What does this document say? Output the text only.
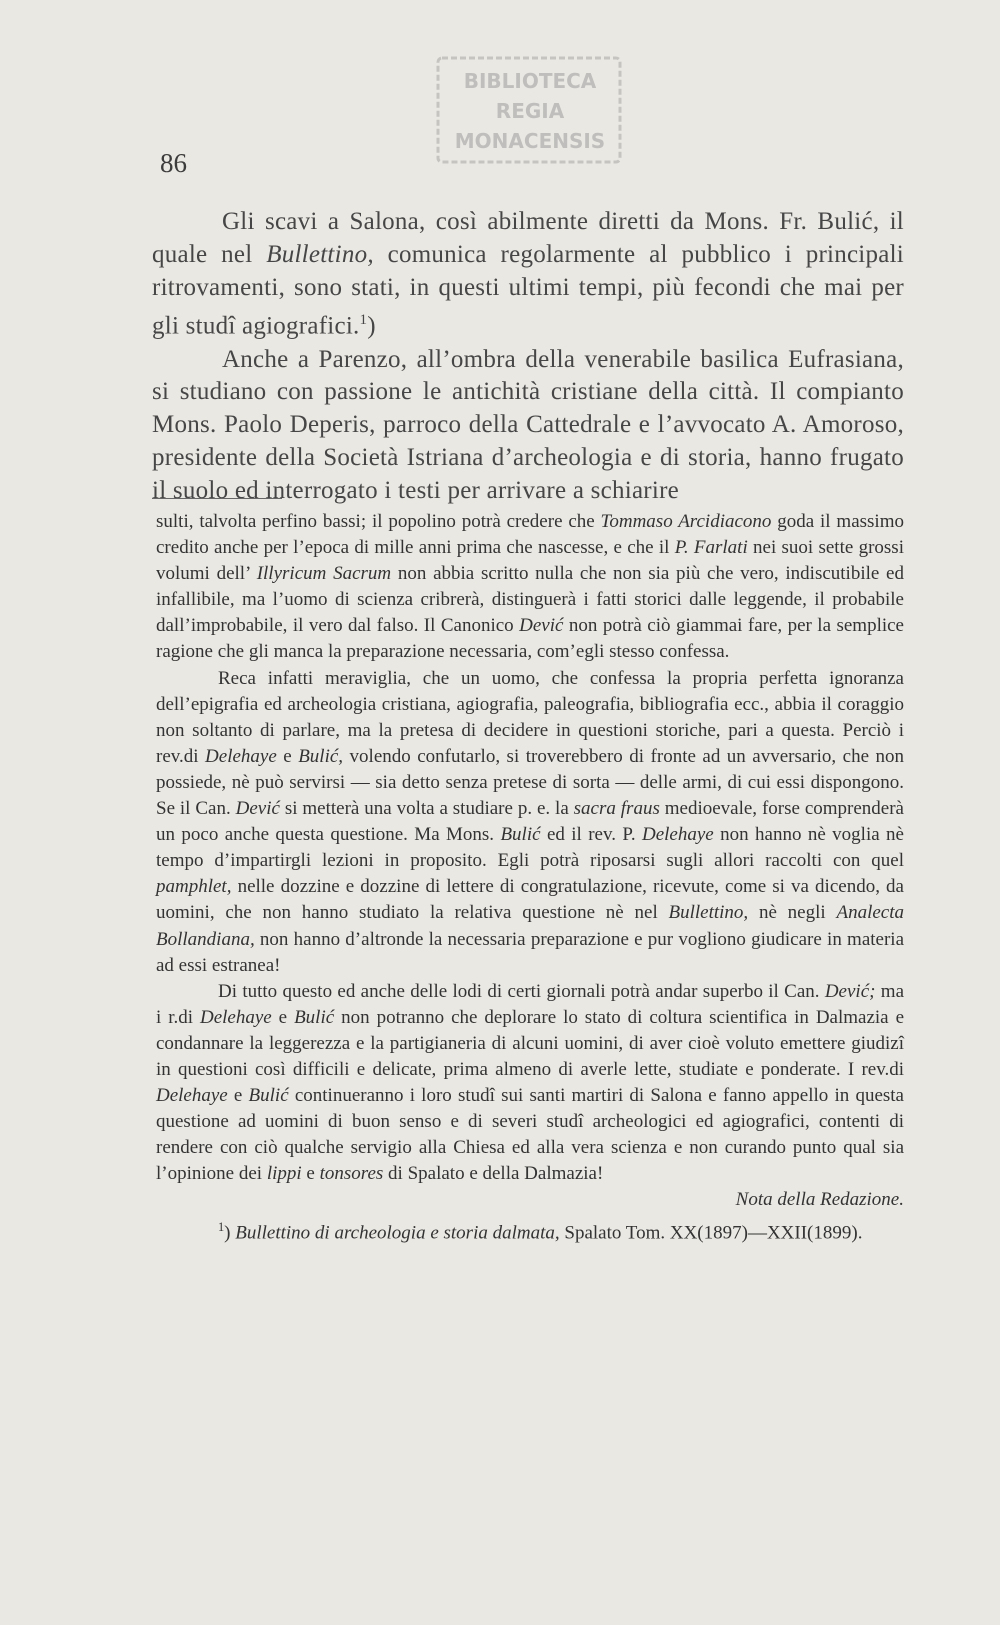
BIBLIOTECA
REGIA
MONACENSIS
86

Gli scavi a Salona, così abilmente diretti da Mons. Fr. Bulić, il quale nel Bullettino, comunica regolarmente al pubblico i principali ritrovamenti, sono stati, in questi ultimi tempi, più fecondi che mai per gli studî agiografici.$^1$)

Anche a Parenzo, all’ombra della venerabile basilica Eufrasiana, si studiano con passione le antichità cristiane della città. Il compianto Mons. Paolo Deperis, parroco della Cattedrale e l’avvocato A. Amoroso, presidente della Società Istriana d’archeologia e di storia, hanno frugato il suolo ed interrogato i testi per arrivare a schiarire

sulti, talvolta perfino bassi; il popolino potrà credere che Tommaso Arcidiacono goda il massimo credito anche per l’epoca di mille anni prima che nascesse, e che il P. Farlati nei suoi sette grossi volumi dell’ Illyricum Sacrum non abbia scritto nulla che non sia più che vero, indiscutibile ed infallibile, ma l’uomo di scienza cribrerà, distinguerà i fatti storici dalle leggende, il probabile dall’improbabile, il vero dal falso. Il Canonico Dević non potrà ciò giammai fare, per la semplice ragione che gli manca la preparazione necessaria, com’egli stesso confessa.

Reca infatti meraviglia, che un uomo, che confessa la propria perfetta ignoranza dell’epigrafia ed archeologia cristiana, agiografia, paleografia, bibliografia ecc., abbia il coraggio non soltanto di parlare, ma la pretesa di decidere in questioni storiche, pari a questa. Perciò i rev.di Delehaye e Bulić, volendo confutarlo, si troverebbero di fronte ad un avversario, che non possiede, nè può servirsi — sia detto senza pretese di sorta — delle armi, di cui essi dispongono. Se il Can. Dević si metterà una volta a studiare p. e. la sacra fraus medioevale, forse comprenderà un poco anche questa questione. Ma Mons. Bulić ed il rev. P. Delehaye non hanno nè voglia nè tempo d’impartirgli lezioni in proposito. Egli potrà riposarsi sugli allori raccolti con quel pamphlet, nelle dozzine e dozzine di lettere di congratulazione, ricevute, come si va dicendo, da uomini, che non hanno studiato la relativa questione nè nel Bullettino, nè negli Analecta Bollandiana, non hanno d’altronde la necessaria preparazione e pur vogliono giudicare in materia ad essi estranea!

Di tutto questo ed anche delle lodi di certi giornali potrà andar superbo il Can. Dević; ma i r.di Delehaye e Bulić non potranno che deplorare lo stato di coltura scientifica in Dalmazia e condannare la leggerezza e la partigianeria di alcuni uomini, di aver cioè voluto emettere giudizî in questioni così difficili e delicate, prima almeno di averle lette, studiate e ponderate. I rev.di Delehaye e Bulić continueranno i loro studî sui santi martiri di Salona e fanno appello in questa questione ad uomini di buon senso e di severi studî archeologici ed agiografici, contenti di rendere con ciò qualche servigio alla Chiesa ed alla vera scienza e non curando punto qual sia l’opinione dei lippi e tonsores di Spalato e della Dalmazia!
Nota della Redazione.

$^1$) Bullettino di archeologia e storia dalmata, Spalato Tom. XX(1897)—XXII(1899).
